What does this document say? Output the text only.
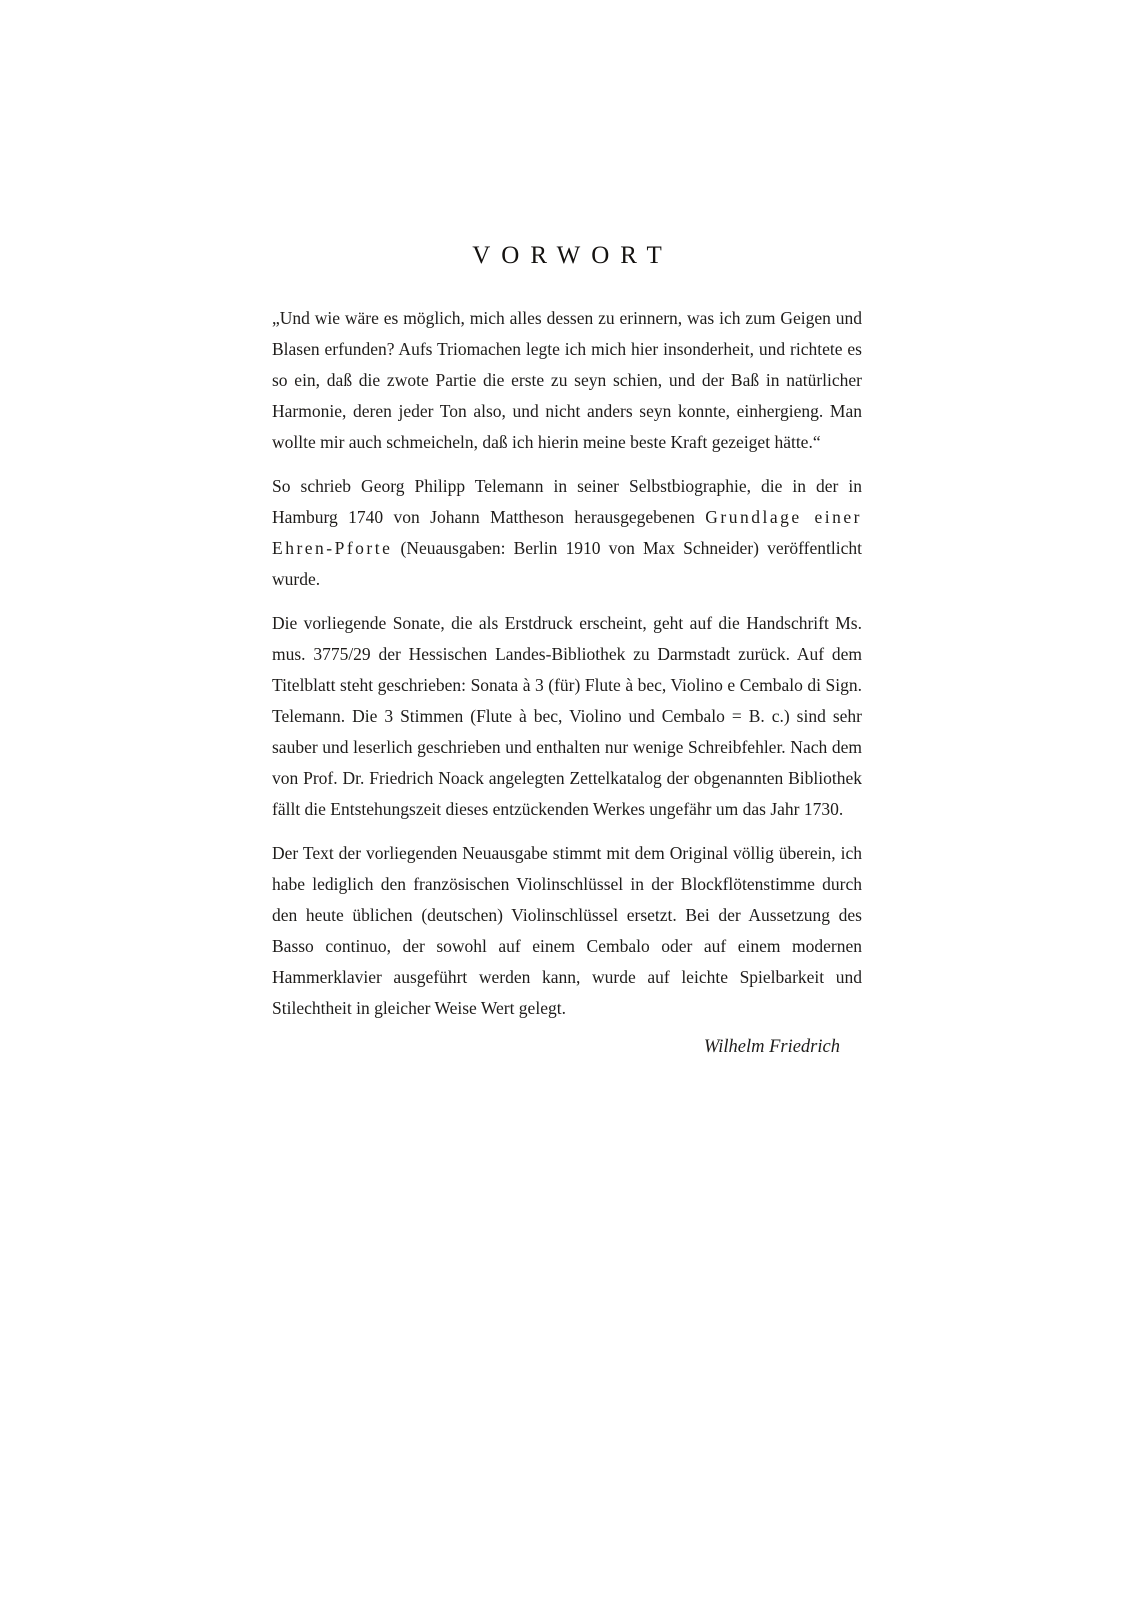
VORWORT

„Und wie wäre es möglich, mich alles dessen zu erinnern, was ich zum Geigen und Blasen erfunden? Aufs Triomachen legte ich mich hier insonderheit, und richtete es so ein, daß die zwote Partie die erste zu seyn schien, und der Baß in natürlicher Harmonie, deren jeder Ton also, und nicht anders seyn konnte, einhergieng. Man wollte mir auch schmeicheln, daß ich hierin meine beste Kraft gezeiget hätte.“

So schrieb Georg Philipp Telemann in seiner Selbstbiographie, die in der in Hamburg 1740 von Johann Mattheson herausgegebenen Grundlage einer Ehren-Pforte (Neuausgaben: Berlin 1910 von Max Schneider) veröffentlicht wurde.

Die vorliegende Sonate, die als Erstdruck erscheint, geht auf die Handschrift Ms. mus. 3775/29 der Hessischen Landes-Bibliothek zu Darmstadt zurück. Auf dem Titelblatt steht geschrieben: Sonata à 3 (für) Flute à bec, Violino e Cembalo di Sign. Telemann. Die 3 Stimmen (Flute à bec, Violino und Cembalo = B. c.) sind sehr sauber und leserlich geschrieben und enthalten nur wenige Schreibfehler. Nach dem von Prof. Dr. Friedrich Noack angelegten Zettelkatalog der obgenannten Bibliothek fällt die Entstehungszeit dieses entzückenden Werkes ungefähr um das Jahr 1730.

Der Text der vorliegenden Neuausgabe stimmt mit dem Original völlig überein, ich habe lediglich den französischen Violinschlüssel in der Blockflötenstimme durch den heute üblichen (deutschen) Violinschlüssel ersetzt. Bei der Aussetzung des Basso continuo, der sowohl auf einem Cembalo oder auf einem modernen Hammerklavier ausgeführt werden kann, wurde auf leichte Spielbarkeit und Stilechtheit in gleicher Weise Wert gelegt.

Wilhelm Friedrich
